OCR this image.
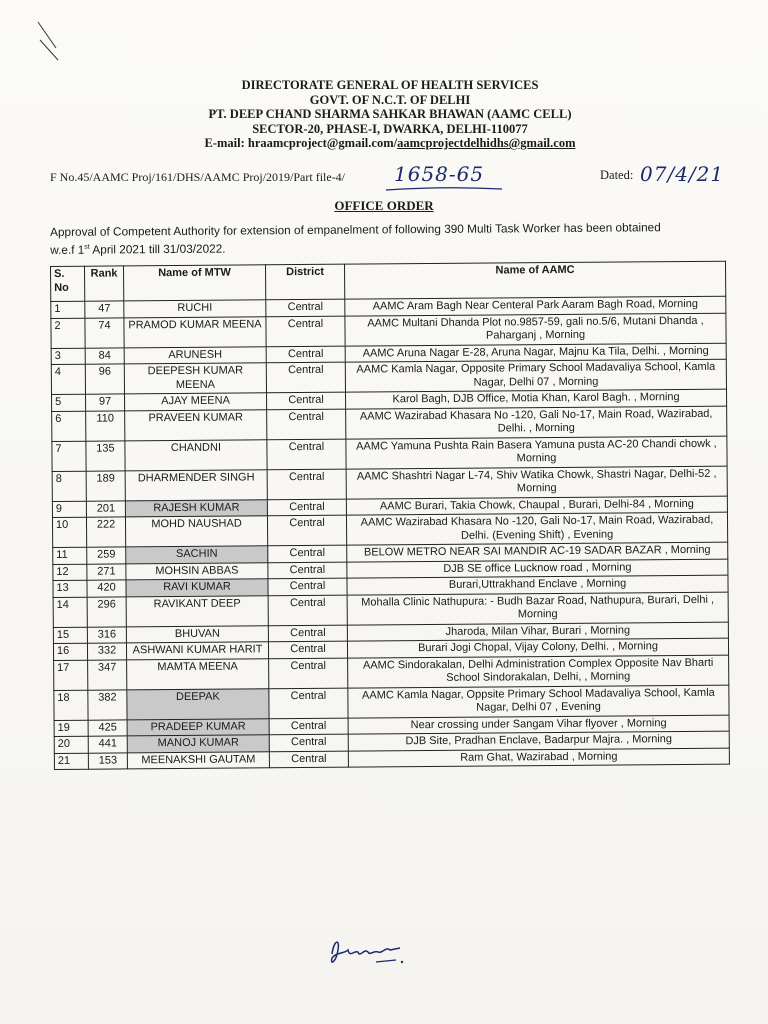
DIRECTORATE GENERAL OF HEALTH SERVICES
GOVT. OF N.C.T. OF DELHI
PT. DEEP CHAND SHARMA SAHKAR BHAWAN (AAMC CELL)
SECTOR-20, PHASE-I, DWARKA, DELHI-110077
E-mail: hraamcproject@gmail.com/aamcprojectdelhidhs@gmail.com
F No.45/AAMC Proj/161/DHS/AAMC Proj/2019/Part file-4/ 1658-65	Dated: 07/4/21
OFFICE ORDER
Approval of Competent Authority for extension of empanelment of following 390 Multi Task Worker has been obtained
w.e.f 1st April 2021 till 31/03/2022.
S. No	Rank	Name of MTW	District	Name of AAMC
1	47	RUCHI	Central	AAMC Aram Bagh Near Centeral Park Aaram Bagh Road, Morning
2	74	PRAMOD KUMAR MEENA	Central	AAMC Multani Dhanda Plot no.9857-59, gali no.5/6, Mutani Dhanda , Paharganj , Morning
3	84	ARUNESH	Central	AAMC Aruna Nagar E-28, Aruna Nagar, Majnu Ka Tila, Delhi. , Morning
4	96	DEEPESH KUMAR MEENA	Central	AAMC Kamla Nagar, Opposite Primary School Madavaliya School, Kamla Nagar, Delhi 07 , Morning
5	97	AJAY MEENA	Central	Karol Bagh, DJB Office, Motia Khan, Karol Bagh. , Morning
6	110	PRAVEEN KUMAR	Central	AAMC Wazirabad Khasara No -120, Gali No-17, Main Road, Wazirabad, Delhi. , Morning
7	135	CHANDNI	Central	AAMC Yamuna Pushta Rain Basera Yamuna pusta AC-20 Chandi chowk , Morning
8	189	DHARMENDER SINGH	Central	AAMC Shashtri Nagar L-74, Shiv Watika Chowk, Shastri Nagar, Delhi-52 , Morning
9	201	RAJESH KUMAR	Central	AAMC Burari, Takia Chowk, Chaupal , Burari, Delhi-84 , Morning
10	222	MOHD NAUSHAD	Central	AAMC Wazirabad Khasara No -120, Gali No-17, Main Road, Wazirabad, Delhi. (Evening Shift) , Evening
11	259	SACHIN	Central	BELOW METRO NEAR SAI MANDIR AC-19 SADAR BAZAR , Morning
12	271	MOHSIN ABBAS	Central	DJB SE office Lucknow road , Morning
13	420	RAVI KUMAR	Central	Burari,Uttrakhand Enclave , Morning
14	296	RAVIKANT DEEP	Central	Mohalla Clinic Nathupura: - Budh Bazar Road, Nathupura, Burari, Delhi , Morning
15	316	BHUVAN	Central	Jharoda, Milan Vihar, Burari , Morning
16	332	ASHWANI KUMAR HARIT	Central	Burari Jogi Chopal, Vijay Colony, Delhi. , Morning
17	347	MAMTA MEENA	Central	AAMC Sindorakalan, Delhi Administration Complex Opposite Nav Bharti School Sindorakalan, Delhi, , Morning
18	382	DEEPAK	Central	AAMC Kamla Nagar, Oppsite Primary School Madavaliya School, Kamla Nagar, Delhi 07 , Evening
19	425	PRADEEP KUMAR	Central	Near crossing under Sangam Vihar flyover , Morning
20	441	MANOJ KUMAR	Central	DJB Site, Pradhan Enclave, Badarpur Majra. , Morning
21	153	MEENAKSHI GAUTAM	Central	Ram Ghat, Wazirabad , Morning
